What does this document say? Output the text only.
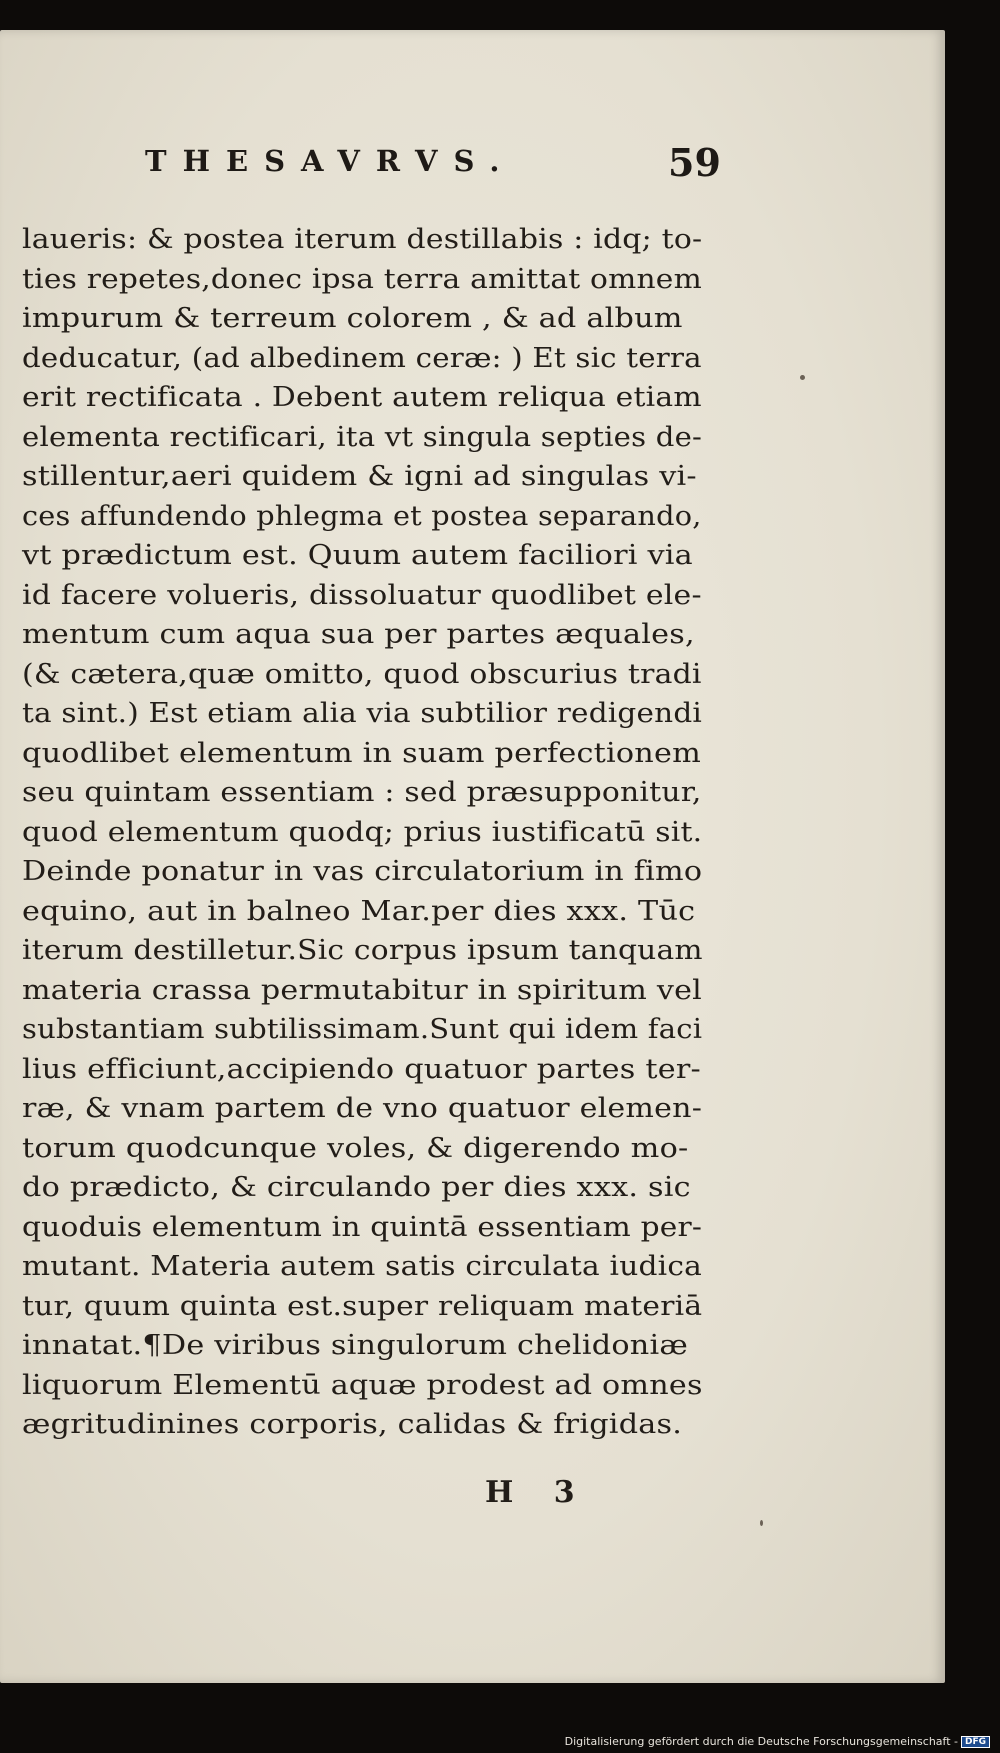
THESAVRVS.	59
laueris: & postea iterum destillabis : idq; to-
ties repetes,donec ipsa terra amittat omnem
impurum & terreum colorem , & ad album
deducatur, (ad albedinem ceræ: ) Et sic terra
erit rectificata . Debent autem reliqua etiam
elementa rectificari, ita vt singula septies de-
stillentur,aeri quidem & igni ad singulas vi-
ces affundendo phlegma et postea separando,
vt prædictum est. Quum autem faciliori via
id facere volueris, dissoluatur quodlibet ele-
mentum cum aqua sua per partes æquales,
(& cætera,quæ omitto, quod obscurius tradi
ta sint.) Est etiam alia via subtilior redigendi
quodlibet elementum in suam perfectionem
seu quintam essentiam : sed præsupponitur,
quod elementum quodq; prius iustificatū sit.
Deinde ponatur in vas circulatorium in fimo
equino, aut in balneo Mar.per dies xxx. Tūc
iterum destilletur.Sic corpus ipsum tanquam
materia crassa permutabitur in spiritum vel
substantiam subtilissimam.Sunt qui idem faci
lius efficiunt,accipiendo quatuor partes ter-
ræ, & vnam partem de vno quatuor elemen-
torum quodcunque voles, & digerendo mo-
do prædicto, & circulando per dies xxx. sic
quoduis elementum in quintā essentiam per-
mutant. Materia autem satis circulata iudica
tur, quum quinta est.super reliquam materiā
innatat.¶De viribus singulorum chelidoniæ
liquorum Elementū aquæ prodest ad omnes
ægritudinines corporis, calidas & frigidas.
H 3
Digitalisierung gefördert durch die Deutsche Forschungsgemeinschaft - DFG
